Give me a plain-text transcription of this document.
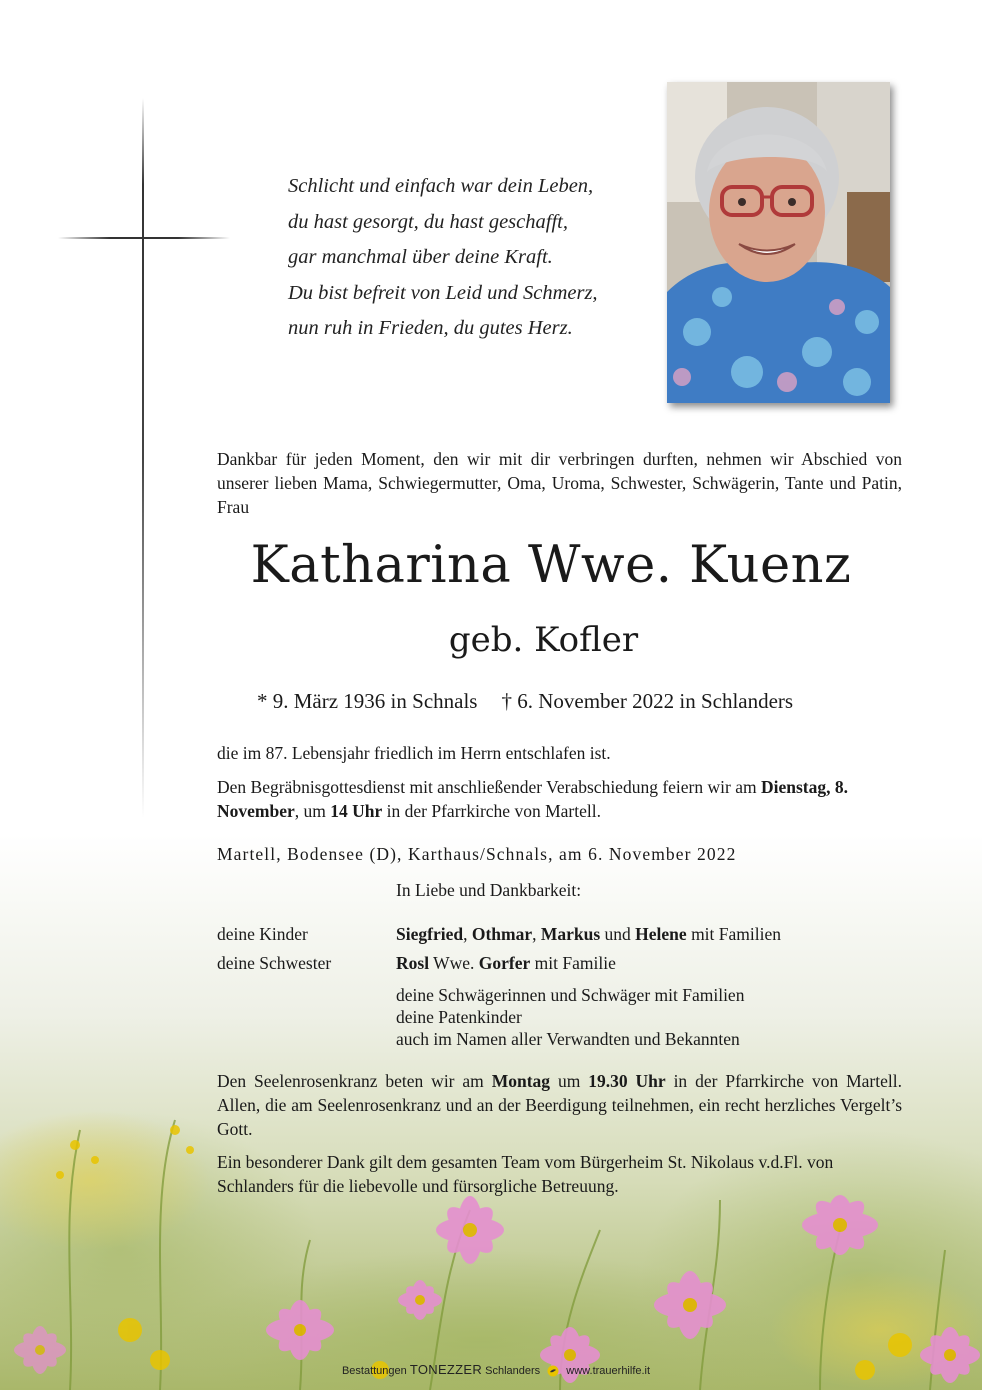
Schlicht und einfach war dein Leben,
du hast gesorgt, du hast geschafft,
gar manchmal über deine Kraft.
Du bist befreit von Leid und Schmerz,
nun ruh in Frieden, du gutes Herz.
Dankbar für jeden Moment, den wir mit dir verbringen durften, nehmen wir Abschied von unserer lieben Mama, Schwiegermutter, Oma, Uroma, Schwester, Schwägerin, Tante und Patin, Frau
Katharina Wwe. Kuenz
geb. Kofler
* 9. März 1936 in Schnals † 6. November 2022 in Schlanders
die im 87. Lebensjahr friedlich im Herrn entschlafen ist.
Den Begräbnisgottesdienst mit anschließender Verabschiedung feiern wir am Dienstag, 8. November, um 14 Uhr in der Pfarrkirche von Martell.
Martell, Bodensee (D), Karthaus/Schnals, am 6. November 2022
In Liebe und Dankbarkeit:
deine Kinder	Siegfried, Othmar, Markus und Helene mit Familien
deine Schwester	Rosl Wwe. Gorfer mit Familie
deine Schwägerinnen und Schwäger mit Familien
deine Patenkinder
auch im Namen aller Verwandten und Bekannten
Den Seelenrosenkranz beten wir am Montag um 19.30 Uhr in der Pfarrkirche von Martell. Allen, die am Seelenrosenkranz und an der Beerdigung teilnehmen, ein recht herzliches Vergelt’s Gott.
Ein besonderer Dank gilt dem gesamten Team vom Bürgerheim St. Nikolaus v.d.Fl. von Schlanders für die liebevolle und fürsorgliche Betreuung.
Bestattungen TONEZZER Schlanders www.trauerhilfe.it
